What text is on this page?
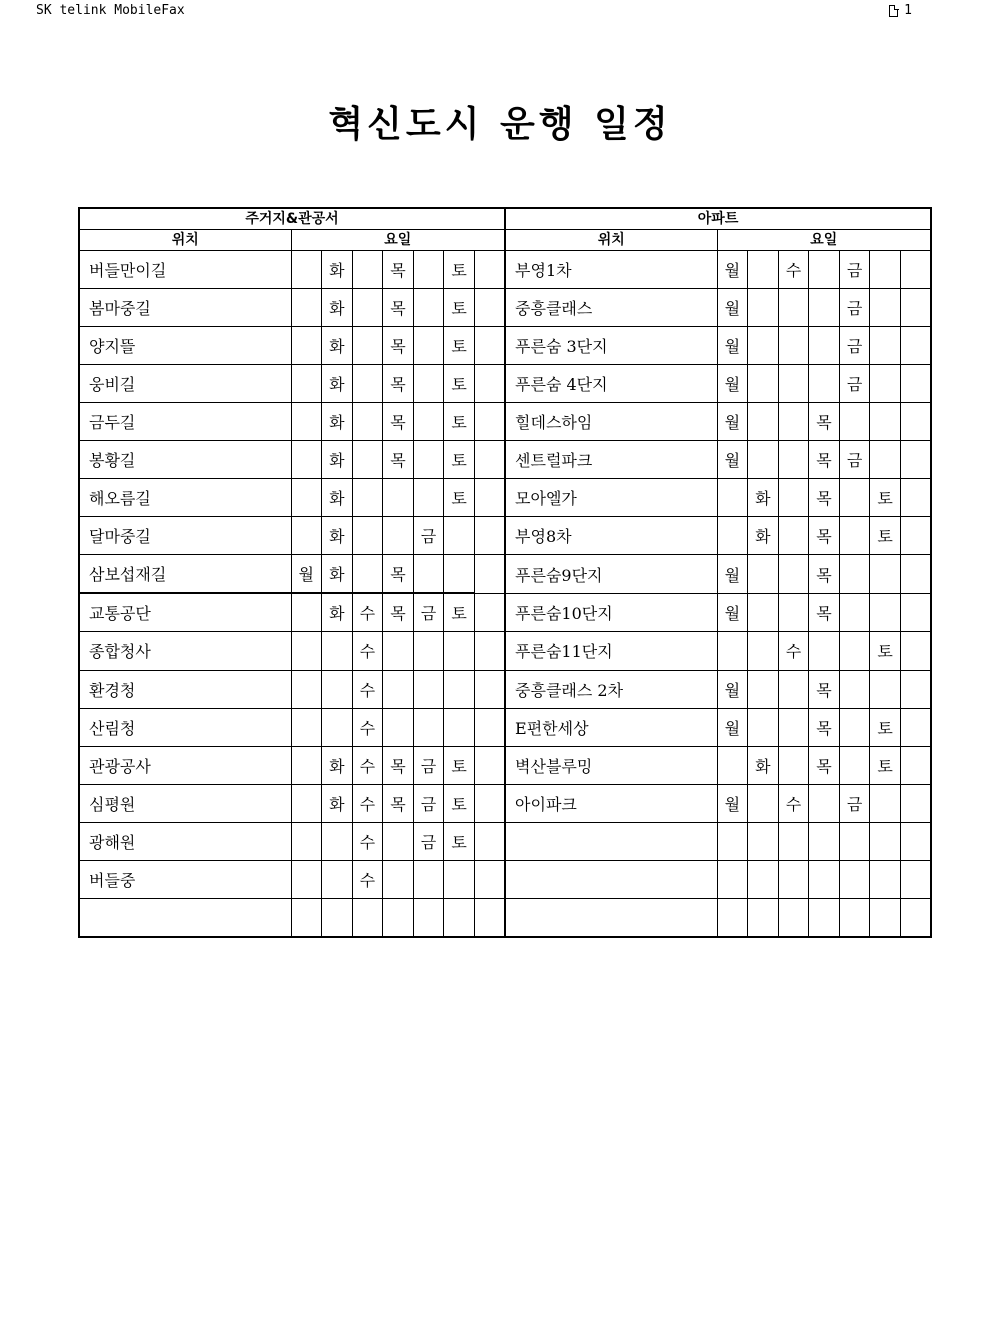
SK telink MobileFax	1
혁신도시 운행 일정
주거지&관공서								아파트							
위치	요일							위치	요일						
버들만이길		화		목		토		부영1차	월		수		금		
봄마중길		화		목		토		중흥클래스	월				금		
양지뜰		화		목		토		푸른숨 3단지	월				금		
웅비길		화		목		토		푸른숨 4단지	월				금		
금두길		화		목		토		힐데스하임	월			목			
봉황길		화		목		토		센트럴파크	월			목	금		
해오름길		화				토		모아엘가		화		목		토	
달마중길		화			금			부영8차		화		목		토	
삼보섭재길	월	화		목				푸른숨9단지	월			목			
교통공단		화	수	목	금	토		푸른숨10단지	월			목			
종합청사			수					푸른숨11단지			수			토	
환경청			수					중흥클래스 2차	월			목			
산림청			수					E편한세상	월			목		토	
관광공사		화	수	목	금	토		벽산블루밍		화		목		토	
심평원		화	수	목	금	토		아이파크	월		수		금		
광해원			수		금	토									
버들중			수												
